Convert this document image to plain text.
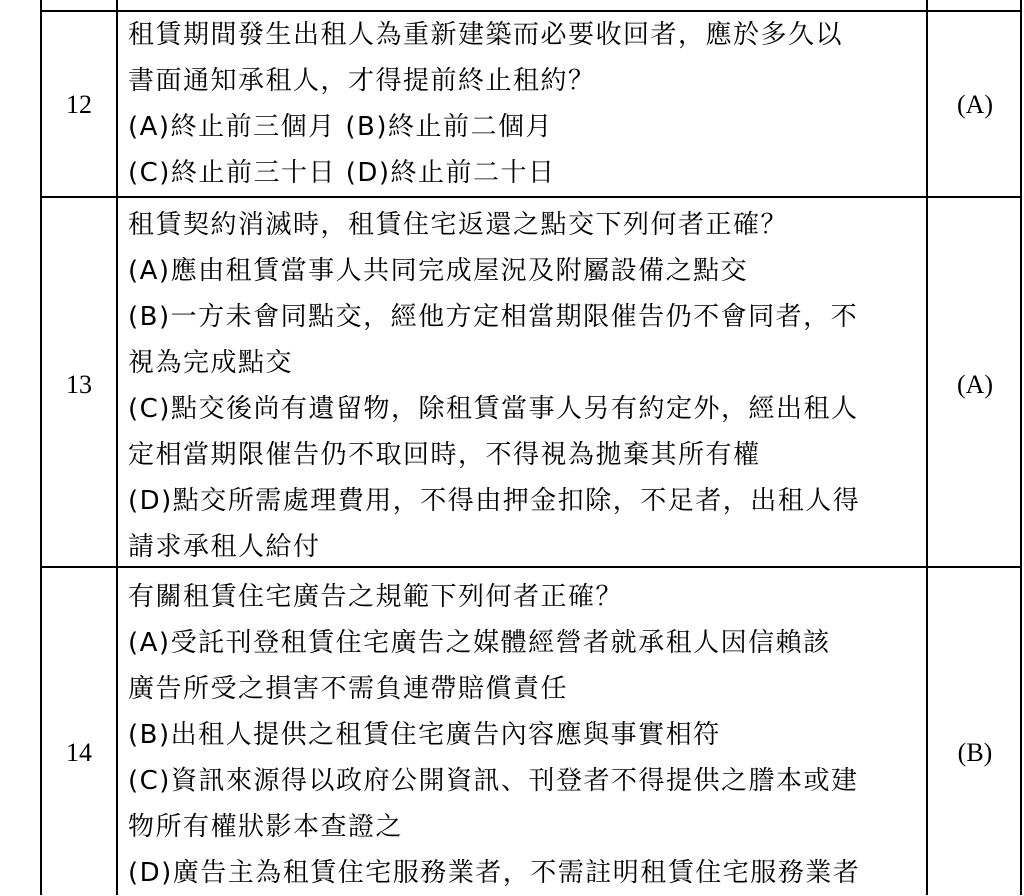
12
租賃期間發生出租人為重新建築而必要收回者，應於多久以
書面通知承租人，才得提前終止租約？
(A)終止前三個月 (B)終止前二個月
(C)終止前三十日 (D)終止前二十日
(A)
13
租賃契約消滅時，租賃住宅返還之點交下列何者正確？
(A)應由租賃當事人共同完成屋況及附屬設備之點交
(B)一方未會同點交，經他方定相當期限催告仍不會同者，不
視為完成點交
(C)點交後尚有遺留物，除租賃當事人另有約定外，經出租人
定相當期限催告仍不取回時，不得視為拋棄其所有權
(D)點交所需處理費用，不得由押金扣除，不足者，出租人得
請求承租人給付
(A)
14
有關租賃住宅廣告之規範下列何者正確？
(A)受託刊登租賃住宅廣告之媒體經營者就承租人因信賴該
廣告所受之損害不需負連帶賠償責任
(B)出租人提供之租賃住宅廣告內容應與事實相符
(C)資訊來源得以政府公開資訊、刊登者不得提供之謄本或建
物所有權狀影本查證之
(D)廣告主為租賃住宅服務業者，不需註明租賃住宅服務業者
(B)
